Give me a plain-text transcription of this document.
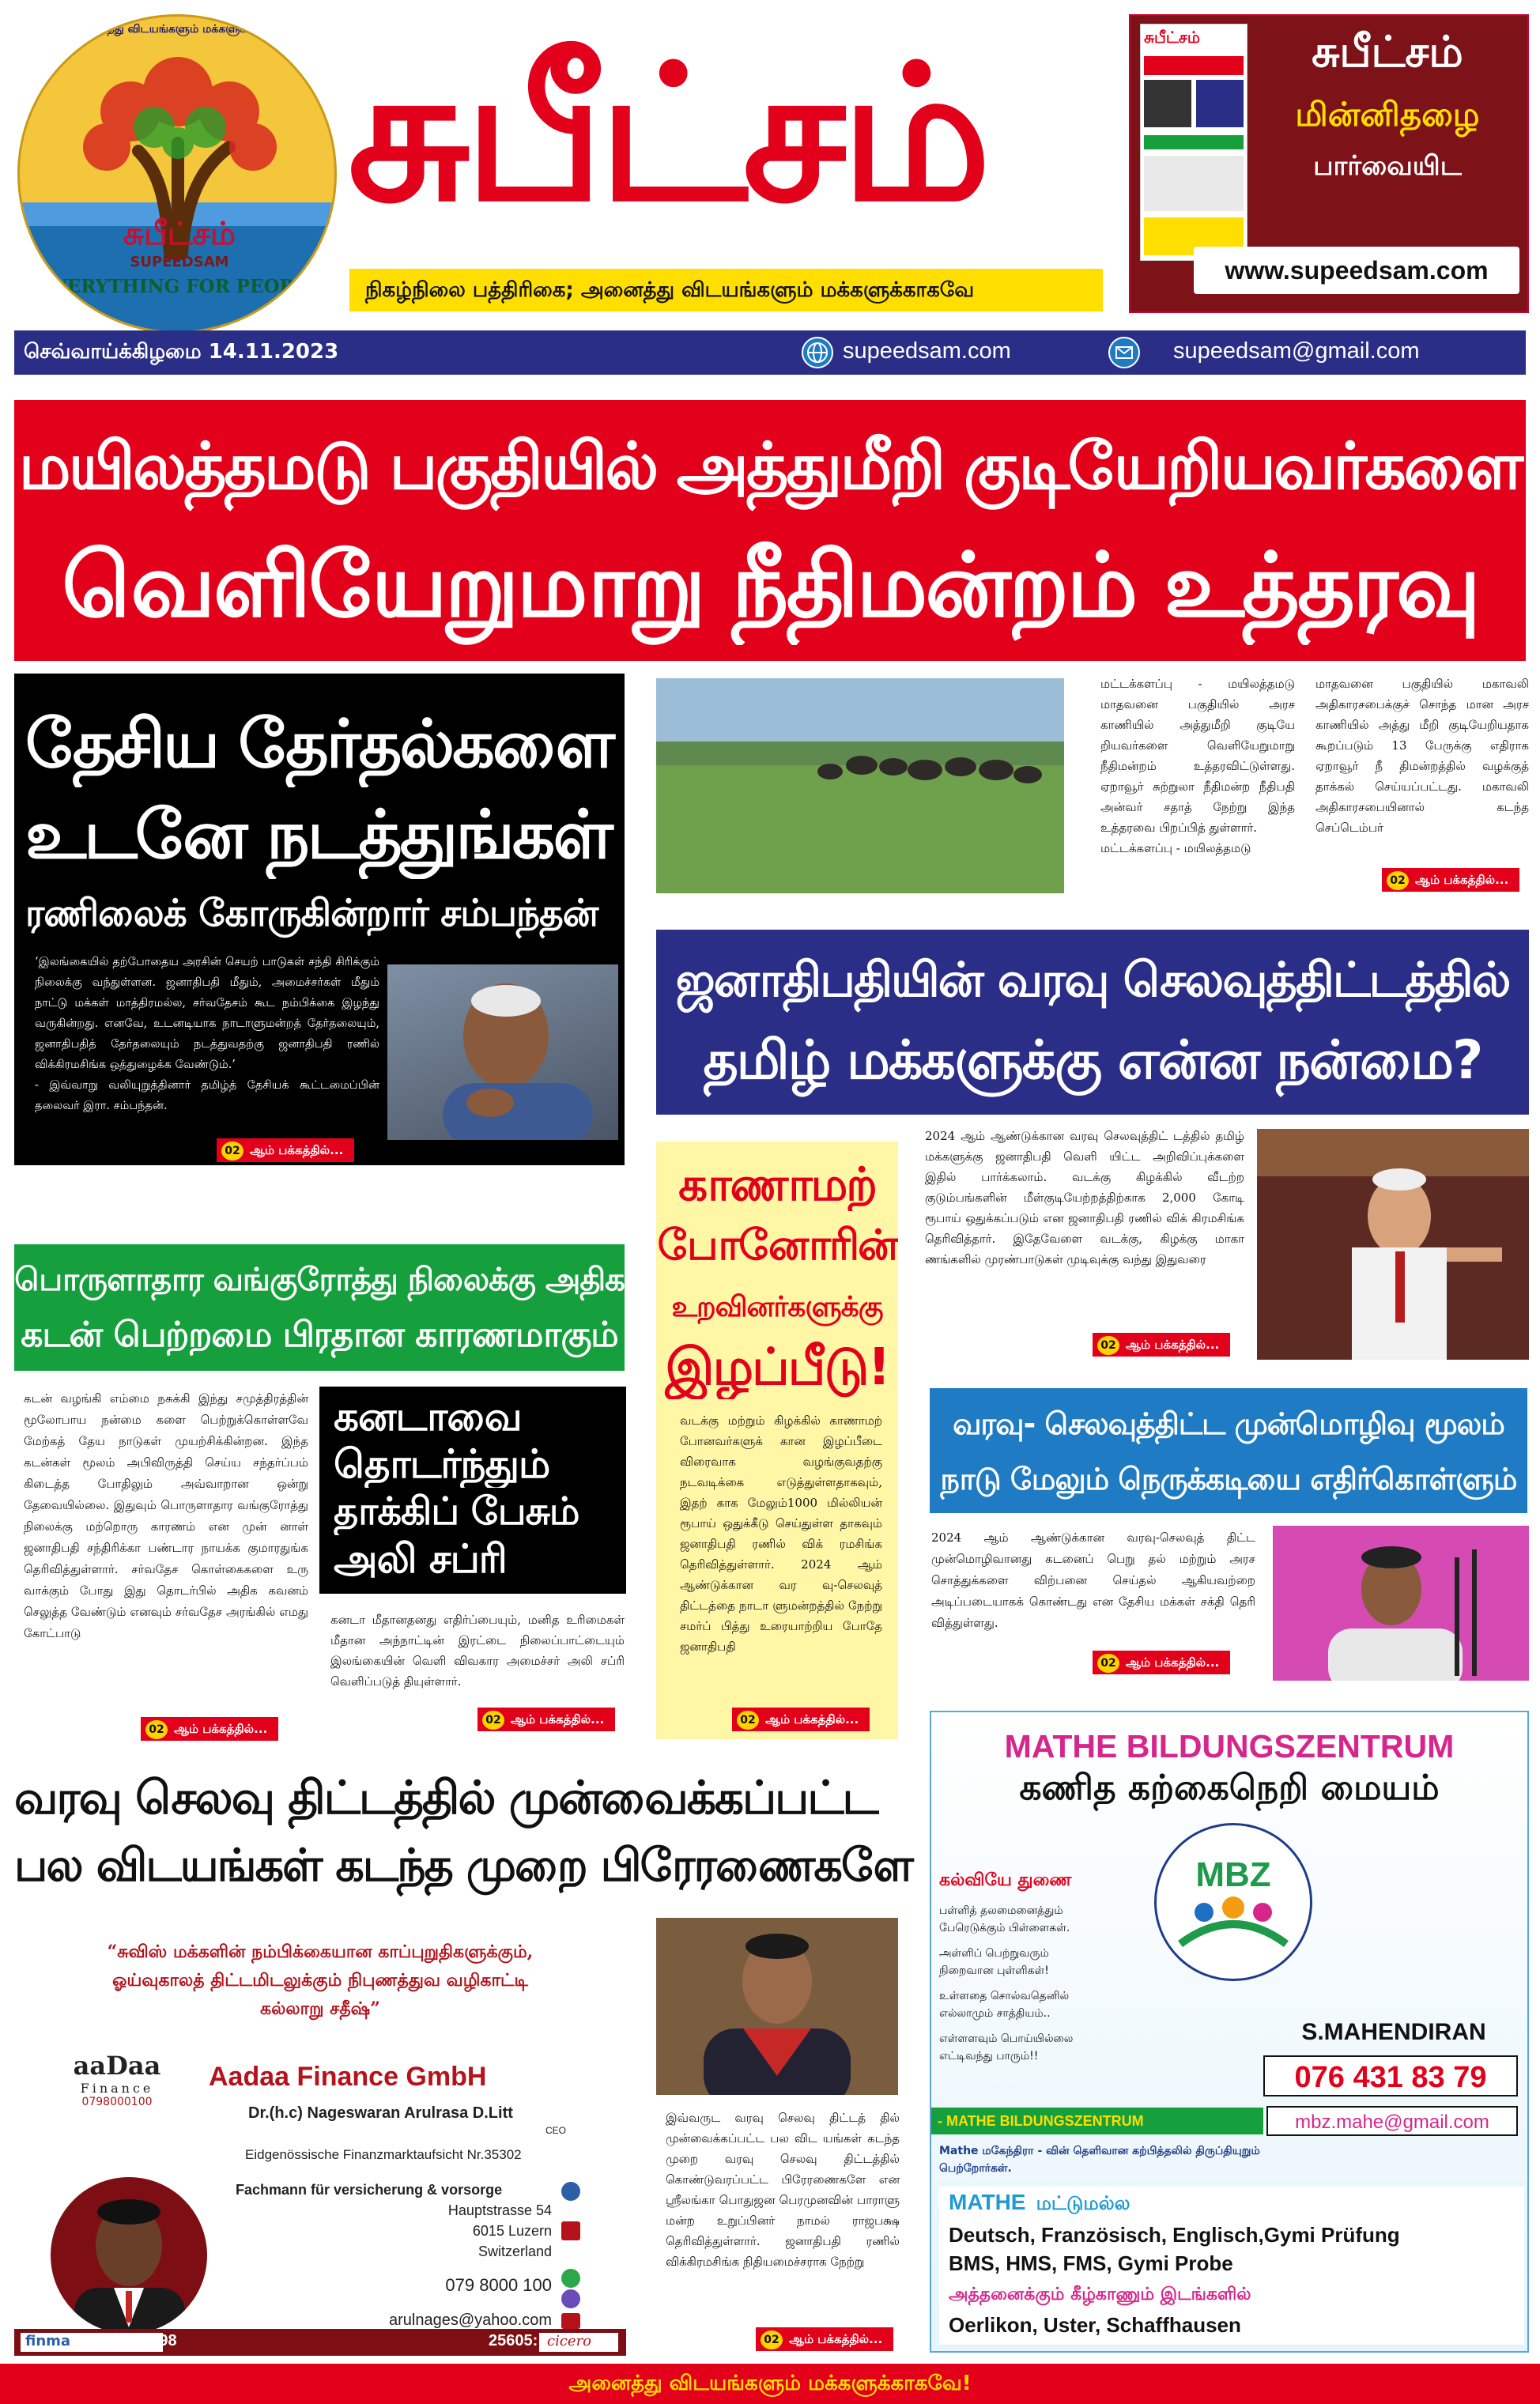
அனைத்து விடயங்களும் மக்களுக்காகவே
சுபீட்சம்
SUPEEDSAM
EVERYTHING FOR PEOPLE
சுபீட்சம்
நிகழ்நிலை பத்திரிகை; அனைத்து விடயங்களும் மக்களுக்காகவே
சுபீட்சம்	சுபீட்சம்
மின்னிதழை
பார்வையிட
www.supeedsam.com
செவ்வாய்க்கிழமை 14.11.2023	supeedsam.com	supeedsam@gmail.com
மயிலத்தமடு பகுதியில் அத்துமீறி குடியேறியவர்களை
வெளியேறுமாறு நீதிமன்றம் உத்தரவு
தேசிய தேர்தல்களை
உடனே நடத்துங்கள்
ரணிலைக் கோருகின்றார் சம்பந்தன்
‘இலங்கையில் தற்போதைய அரசின் செயற் பாடுகள் சந்தி சிரிக்கும் நிலைக்கு வந்துள்ளன. ஜனாதிபதி மீதும், அமைச்சர்கள் மீதும் நாட்டு மக்கள் மாத்திரமல்ல, சர்வதேசம் கூட நம்பிக்கை இழந்து வருகின்றது. எனவே, உடனடியாக நாடாளுமன்றத் தேர்தலையும், ஜனாதிபதித் தேர்தலையும் நடத்துவதற்கு ஜனாதிபதி ரணில் விக்கிரமசிங்க ஒத்துழைக்க வேண்டும்.’
- இவ்வாறு வலியுறுத்தினார் தமிழ்த் தேசியக் கூட்டமைப்பின் தலைவர் இரா. சம்பந்தன்.
02 ஆம் பக்கத்தில்...
மட்டக்களப்பு - மயிலத்தமடு மாதவனை பகுதியில் அரச காணியில் அத்துமீறி குடியே றியவர்களை வெளியேறுமாறு நீதிமன்றம் உத்தரவிட்டுள்ளது. ஏறாவூர் சுற்றுலா நீதிமன்ற நீதிபதி அன்வர் சதாத் நேற்று இந்த உத்தரவை பிறப்பித் துள்ளார்.
மட்டக்களப்பு - மயிலத்தமடு
மாதவனை பகுதியில் மகாவலி அதிகாரசபைக்குச் சொந்த மான அரச காணியில் அத்து மீறி குடியேறியதாக கூறப்படும் 13 பேருக்கு எதிராக ஏறாவூர் நீ திமன்றத்தில் வழக்குத் தாக்கல் செய்யப்பட்டது. மகாவலி அதிகாரசபையினால் கடந்த செப்டெம்பர்
02 ஆம் பக்கத்தில்...
ஜனாதிபதியின் வரவு செலவுத்திட்டத்தில்
தமிழ் மக்களுக்கு என்ன நன்மை?
காணாமற்
போனோரின்
உறவினர்களுக்கு
இழப்பீடு!
வடக்கு மற்றும் கிழக்கில் காணாமற் போனவர்களுக் கான இழப்பீடை விரைவாக வழங்குவதற்கு நடவடிக்கை எடுத்துள்ளதாகவும், இதற் காக மேலும்1000 மில்லியன் ரூபாய் ஒதுக்கீடு செய்துள்ள தாகவும் ஜனாதிபதி ரணில் விக் ரமசிங்க தெரிவித்துள்ளார். 2024 ஆம் ஆண்டுக்கான வர வு-செலவுத் திட்டத்தை நாடா ளுமன்றத்தில் நேற்று சமர்ப் பித்து உரையாற்றிய போதே ஜனாதிபதி
02 ஆம் பக்கத்தில்...
2024 ஆம் ஆண்டுக்கான வரவு செலவுத்திட் டத்தில் தமிழ் மக்களுக்கு ஜனாதிபதி வெளி யிட்ட அறிவிப்புக்களை இதில் பார்க்கலாம். வடக்கு கிழக்கில் வீடற்ற குடும்பங்களின் மீள்குடியேற்றத்திற்காக 2,000 கோடி ரூபாய் ஒதுக்கப்படும் என ஜனாதிபதி ரணில் விக் கிரமசிங்க தெரிவித்தார். இதேவேளை வடக்கு, கிழக்கு மாகா ணங்களில் முரண்பாடுகள் முடிவுக்கு வந்து இதுவரை
02 ஆம் பக்கத்தில்...
பொருளாதார வங்குரோத்து நிலைக்கு அதிக
கடன் பெற்றமை பிரதான காரணமாகும்
கடன் வழங்கி எம்மை நசுக்கி இந்து சமுத்திரத்தின் மூலோபாய நன்மை களை பெற்றுக்கொள்ளவே மேற்கத் தேய நாடுகள் முயற்சிக்கின்றன. இந்த கடன்கள் மூலம் அபிவிருத்தி செய்ய சந்தர்ப்பம் கிடைத்த போதிலும் அவ்வாறான ஒன்று தேவையில்லை. இதுவும் பொருளாதார வங்குரோத்து நிலைக்கு மற்றொரு காரணம் என முன் னாள் ஜனாதிபதி சந்திரிக்கா பண்டார நாயக்க குமாரதுங்க தெரிவித்துள்ளார். சர்வதேச கொள்கைகளை உரு வாக்கும் போது இது தொடர்பில் அதிக கவனம் செலுத்த வேண்டும் எனவும் சர்வதேச அரங்கில் எமது கோட்பாடு
02 ஆம் பக்கத்தில்...
கனடாவை
தொடர்ந்தும்
தாக்கிப் பேசும்
அலி சப்ரி
கனடா மீதானதனது எதிர்ப்பையும், மனித உரிமைகள் மீதான அந்நாட்டின் இரட்டை நிலைப்பாட்டையும் இலங்கையின் வெளி விவகார அமைச்சர் அலி சப்ரி வெளிப்படுத் தியுள்ளார்.
02 ஆம் பக்கத்தில்...
வரவு- செலவுத்திட்ட முன்மொழிவு மூலம்
நாடு மேலும் நெருக்கடியை எதிர்கொள்ளும்
2024 ஆம் ஆண்டுக்கான வரவு-செலவுத் திட்ட முன்மொழிவானது கடனைப் பெறு தல் மற்றும் அரச சொத்துக்களை விற்பனை செய்தல் ஆகியவற்றை அடிப்படையாகக் கொண்டது என தேசிய மக்கள் சக்தி தெரி வித்துள்ளது.
02 ஆம் பக்கத்தில்...
வரவு செலவு திட்டத்தில் முன்வைக்கப்பட்ட
பல விடயங்கள் கடந்த முறை பிரேரணைகளே
இவ்வருட வரவு செலவு திட்டத் தில் முன்வைக்கப்பட்ட பல விட யங்கள் கடந்த முறை வரவு செலவு திட்டத்தில் கொண்டுவரப்பட்ட பிரேரணைகளே என ஸ்ரீலங்கா பொதுஜன பெரமுனவின் பாராளு மன்ற உறுப்பினர் நாமல் ராஜபக்ஷ தெரிவித்துள்ளார். ஜனாதிபதி ரணில் விக்கிரமசிங்க நிதியமைச்சராக நேற்று
02 ஆம் பக்கத்தில்...
“சுவிஸ் மக்களின் நம்பிக்கையான காப்புறுதிகளுக்கும்,
ஓய்வுகாலத் திட்டமிடலுக்கும் நிபுணத்துவ வழிகாட்டி
கல்லாறு சதீஷ்”
aaDaa
Finance
0798000100
Aadaa Finance GmbH
Dr.(h.c) Nageswaran Arulrasa D.Litt
CEO
Eidgenössische Finanzmarktaufsicht Nr.35302
Fachmann für versicherung & vorsorge
Hauptstrasse 54
6015 Luzern
Switzerland
079 8000 100
arulnages@yahoo.com
finma	34598	25605: cicero
MATHE BILDUNGSZENTRUM
கணித கற்கைநெறி மையம்
MBZ
கல்வியே துணை
பள்ளித் தலமைனைத்தும்
பேரெடுக்கும் பிள்ளைகள்.
அள்ளிப் பெற்றுவரும்
நிறைவான புள்ளிகள்!
உள்ளதை சொல்வதெனில்
எல்லாமும் சாத்தியம்..
எள்ளளவும் பொய்யில்லை
எட்டிவந்து பாரும்!!
S.MAHENDIRAN
076 431 83 79
- MATHE BILDUNGSZENTRUM	mbz.mahe@gmail.com
Mathe மகேந்திரா - வின் தெளிவான கற்பித்தலில் திருப்தியுறும் பெற்றோர்கள்.
MATHE மட்டுமல்ல
Deutsch, Französisch, Englisch,Gymi Prüfung
BMS, HMS, FMS, Gymi Probe
அத்தனைக்கும் கீழ்காணும் இடங்களில்
Oerlikon, Uster, Schaffhausen
அனைத்து விடயங்களும் மக்களுக்காகவே!
